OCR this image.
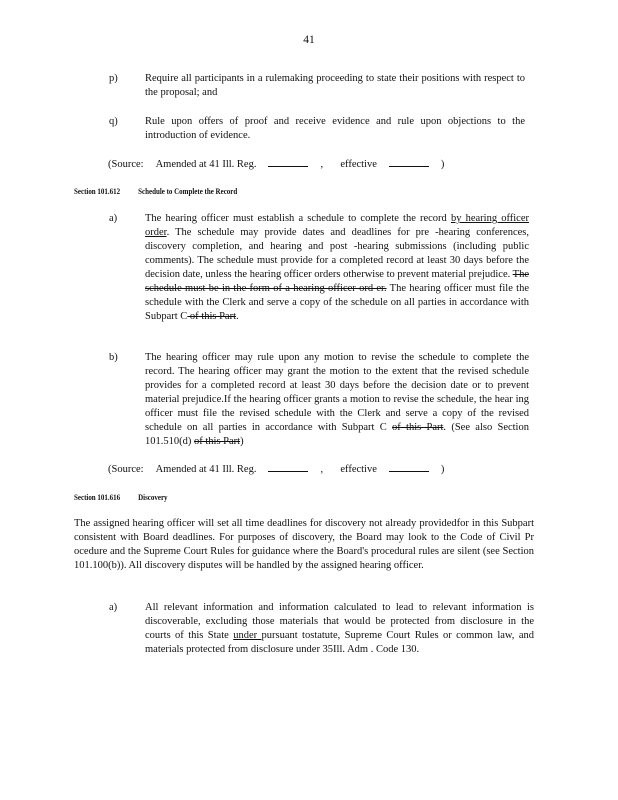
41
p)	Require all participants in a rulemaking proceeding to state their positions with respect to the proposal; and
q)	Rule upon offers of proof and receive evidence and rule upon objections to the introduction of evidence.
(Source: Amended at 41 Ill. Reg.	, effective	)
Section 101.612 Schedule to Complete the Record
a)	The hearing officer must establish a schedule to complete the record by hearing officer order. The schedule may provide dates and deadlines for pre -hearing conferences, discovery completion, and hearing and post -hearing submissions (including public comments). The schedule must provide for a completed record at least 30 days before the decision date, unless the hearing officer orders otherwise to prevent material prejudice. The schedule must be in the form of a hearing officer ord er. The hearing officer must file the schedule with the Clerk and serve a copy of the schedule on all parties in accordance with Subpart C of this Part.
b)	The hearing officer may rule upon any motion to revise the schedule to complete the record. The hearing officer may grant the motion to the extent that the revised schedule provides for a completed record at least 30 days before the decision date or to prevent material prejudice.If the hearing officer grants a motion to revise the schedule, the hear ing officer must file the revised schedule with the Clerk and serve a copy of the revised schedule on all parties in accordance with Subpart C of this Part. (See also Section 101.510(d) of this Part)
(Source: Amended at 41 Ill. Reg.	, effective	)
Section 101.616 Discovery
The assigned hearing officer will set all time deadlines for discovery not already providedfor in this Subpart consistent with Board deadlines. For purposes of discovery, the Board may look to the Code of Civil Pr ocedure and the Supreme Court Rules for guidance where the Board's procedural rules are silent (see Section 101.100(b)). All discovery disputes will be handled by the assigned hearing officer.
a)	All relevant information and information calculated to lead to relevant information is discoverable, excluding those materials that would be protected from disclosure in the courts of this State under pursuant tostatute, Supreme Court Rules or common law, and materials protected from disclosure under 35Ill. Adm . Code 130.
